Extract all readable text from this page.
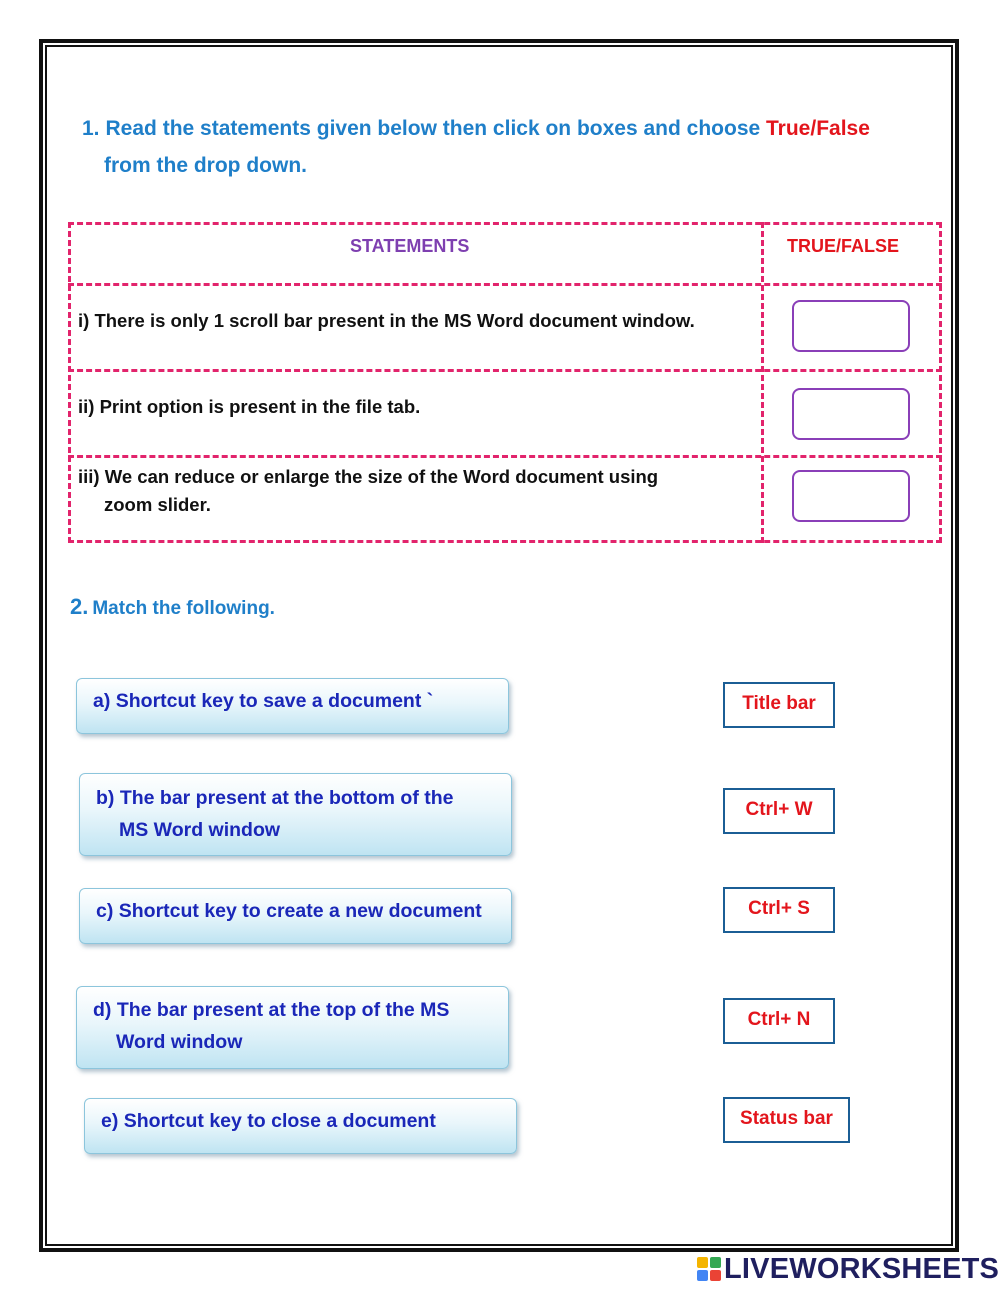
1. Read the statements given below then click on boxes and choose True/False
from the drop down.
STATEMENTS	TRUE/FALSE
i) There is only 1 scroll bar present in the MS Word document window.
ii) Print option is present in the file tab.
iii) We can reduce or enlarge the size of the Word document using
zoom slider.
2. Match the following.
a) Shortcut key to save a document `
b) The bar present at the bottom of the
MS Word window
c) Shortcut key to create a new document
d) The bar present at the top of the MS
Word window
e) Shortcut key to close a document
Title bar
Ctrl+ W
Ctrl+ S
Ctrl+ N
Status bar
LIVEWORKSHEETS
